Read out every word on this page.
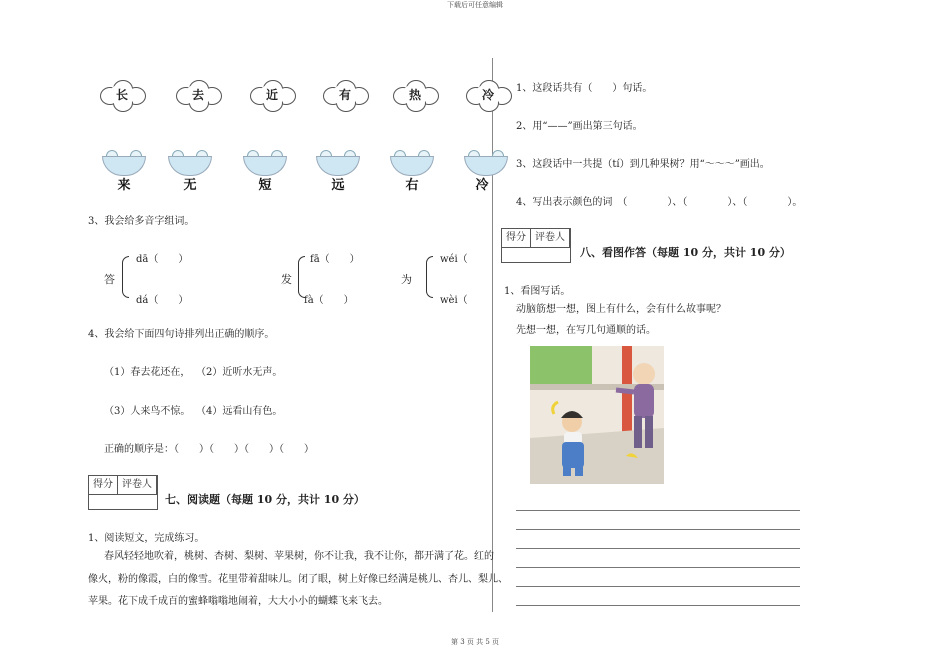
下载后可任意编辑
长	去	近	有	热	冷
来	无	短	远	右	冷
3、我会给多音字组词。
答
dā（　　）
dá（　　）
发
fā（　　）
fà（　　）
为
wéi（
wèi（
4、我会给下面四句诗排列出正确的顺序。
（1）春去花还在， （2）近听水无声。
（3）人来鸟不惊。 （4）远看山有色。
正确的顺序是：（　　）（　　）（　　）（　　）
得分 评卷人
七、阅读题（每题 10 分，共计 10 分）
1、阅读短文，完成练习。
春风轻轻地吹着，桃树、杏树、梨树、苹果树，你不让我，我不让你，都开满了花。红的
像火，粉的像霞，白的像雪。花里带着甜味儿。闭了眼，树上好像已经满是桃儿、杏儿、梨儿、
苹果。花下成千成百的蜜蜂嗡嗡地闹着，大大小小的蝴蝶飞来飞去。
1、这段话共有（　　）句话。
2、用“——”画出第三句话。
3、这段话中一共提（tí）到几种果树？用“～～～”画出。
4、写出表示颜色的词　（　　　　）、（　　　　）、（　　　　）。
得分 评卷人
八、看图作答（每题 10 分，共计 10 分）
1、看图写话。
动脑筋想一想，图上有什么，会有什么故事呢？
先想一想，在写几句通顺的话。
第 3 页 共 5 页
